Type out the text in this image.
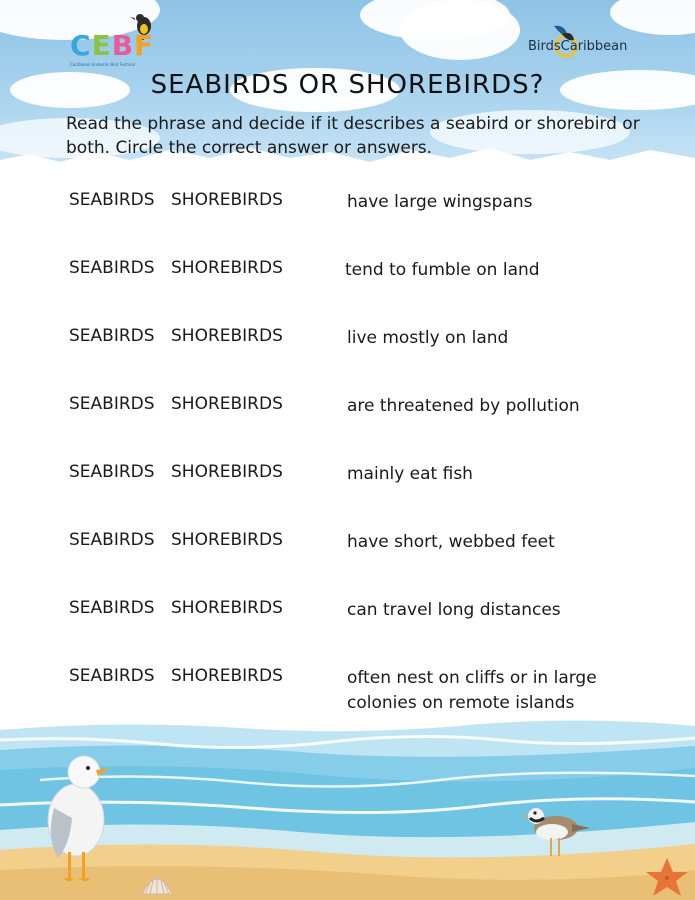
CEBF
Caribbean Endemic Bird Festival
BirdsCaribbean
SEABIRDS OR SHOREBIRDS?

Read the phrase and decide if it describes a seabird or shorebird or both. Circle the correct answer or answers.

SEABIRDS SHOREBIRDS	have large wingspans
SEABIRDS SHOREBIRDS	tend to fumble on land
SEABIRDS SHOREBIRDS	live mostly on land
SEABIRDS SHOREBIRDS	are threatened by pollution
SEABIRDS SHOREBIRDS	mainly eat fish
SEABIRDS SHOREBIRDS	have short, webbed feet
SEABIRDS SHOREBIRDS	can travel long distances
SEABIRDS SHOREBIRDS	often nest on cliffs or in large colonies on remote islands
